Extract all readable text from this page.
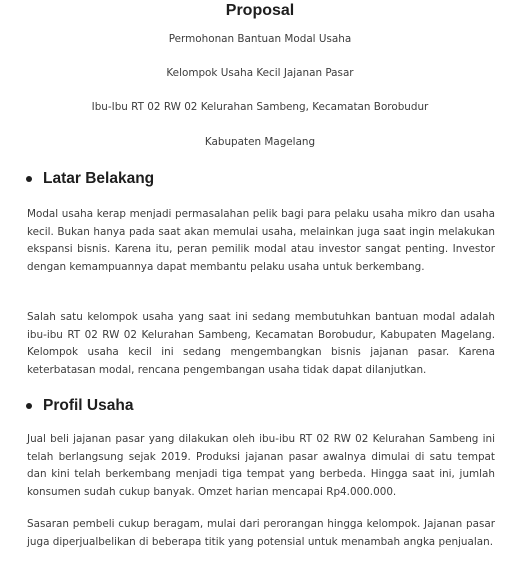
Proposal

Permohonan Bantuan Modal Usaha

Kelompok Usaha Kecil Jajanan Pasar

Ibu-Ibu RT 02 RW 02 Kelurahan Sambeng, Kecamatan Borobudur

Kabupaten Magelang

Latar Belakang

Modal usaha kerap menjadi permasalahan pelik bagi para pelaku usaha mikro dan usaha kecil. Bukan hanya pada saat akan memulai usaha, melainkan juga saat ingin melakukan ekspansi bisnis. Karena itu, peran pemilik modal atau investor sangat penting. Investor dengan kemampuannya dapat membantu pelaku usaha untuk berkembang.

Salah satu kelompok usaha yang saat ini sedang membutuhkan bantuan modal adalah ibu-ibu RT 02 RW 02 Kelurahan Sambeng, Kecamatan Borobudur, Kabupaten Magelang. Kelompok usaha kecil ini sedang mengembangkan bisnis jajanan pasar. Karena keterbatasan modal, rencana pengembangan usaha tidak dapat dilanjutkan.

Profil Usaha

Jual beli jajanan pasar yang dilakukan oleh ibu-ibu RT 02 RW 02 Kelurahan Sambeng ini telah berlangsung sejak 2019. Produksi jajanan pasar awalnya dimulai di satu tempat dan kini telah berkembang menjadi tiga tempat yang berbeda. Hingga saat ini, jumlah konsumen sudah cukup banyak. Omzet harian mencapai Rp4.000.000.

Sasaran pembeli cukup beragam, mulai dari perorangan hingga kelompok. Jajanan pasar juga diperjualbelikan di beberapa titik yang potensial untuk menambah angka penjualan.
